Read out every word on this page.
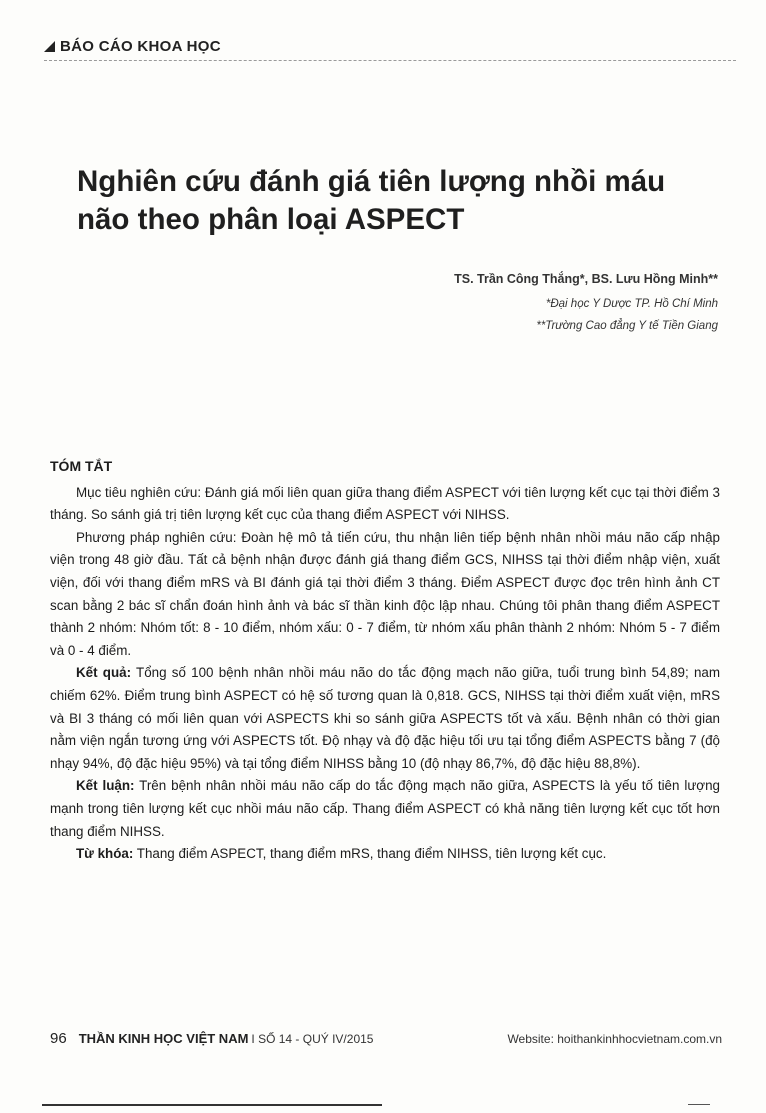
BÁO CÁO KHOA HỌC
Nghiên cứu đánh giá tiên lượng nhồi máu não theo phân loại ASPECT
TS. Trần Công Thắng*, BS. Lưu Hồng Minh**
*Đại học Y Dược TP. Hồ Chí Minh
**Trường Cao đẳng Y tế Tiền Giang
TÓM TẮT

Mục tiêu nghiên cứu: Đánh giá mối liên quan giữa thang điểm ASPECT với tiên lượng kết cục tại thời điểm 3 tháng. So sánh giá trị tiên lượng kết cục của thang điểm ASPECT với NIHSS.

Phương pháp nghiên cứu: Đoàn hệ mô tả tiến cứu, thu nhận liên tiếp bệnh nhân nhồi máu não cấp nhập viện trong 48 giờ đầu. Tất cả bệnh nhận được đánh giá thang điểm GCS, NIHSS tại thời điểm nhập viện, xuất viện, đối với thang điểm mRS và BI đánh giá tại thời điểm 3 tháng. Điểm ASPECT được đọc trên hình ảnh CT scan bằng 2 bác sĩ chẩn đoán hình ảnh và bác sĩ thần kinh độc lập nhau. Chúng tôi phân thang điểm ASPECT thành 2 nhóm: Nhóm tốt: 8 - 10 điểm, nhóm xấu: 0 - 7 điểm, từ nhóm xấu phân thành 2 nhóm: Nhóm 5 - 7 điểm và 0 - 4 điểm.

Kết quả: Tổng số 100 bệnh nhân nhồi máu não do tắc động mạch não giữa, tuổi trung bình 54,89; nam chiếm 62%. Điểm trung bình ASPECT có hệ số tương quan là 0,818. GCS, NIHSS tại thời điểm xuất viện, mRS và BI 3 tháng có mối liên quan với ASPECTS khi so sánh giữa ASPECTS tốt và xấu. Bệnh nhân có thời gian nằm viện ngắn tương ứng với ASPECTS tốt. Độ nhạy và độ đặc hiệu tối ưu tại tổng điểm ASPECTS bằng 7 (độ nhạy 94%, độ đặc hiệu 95%) và tại tổng điểm NIHSS bằng 10 (độ nhạy 86,7%, độ đặc hiệu 88,8%).

Kết luận: Trên bệnh nhân nhồi máu não cấp do tắc động mạch não giữa, ASPECTS là yếu tố tiên lượng mạnh trong tiên lượng kết cục nhồi máu não cấp. Thang điểm ASPECT có khả năng tiên lượng kết cục tốt hơn thang điểm NIHSS.

Từ khóa: Thang điểm ASPECT, thang điểm mRS, thang điểm NIHSS, tiên lượng kết cục.

96 THẦN KINH HỌC VIỆT NAM I SỐ 14 - QUÝ IV/2015	Website: hoithankinhhocvietnam.com.vn
